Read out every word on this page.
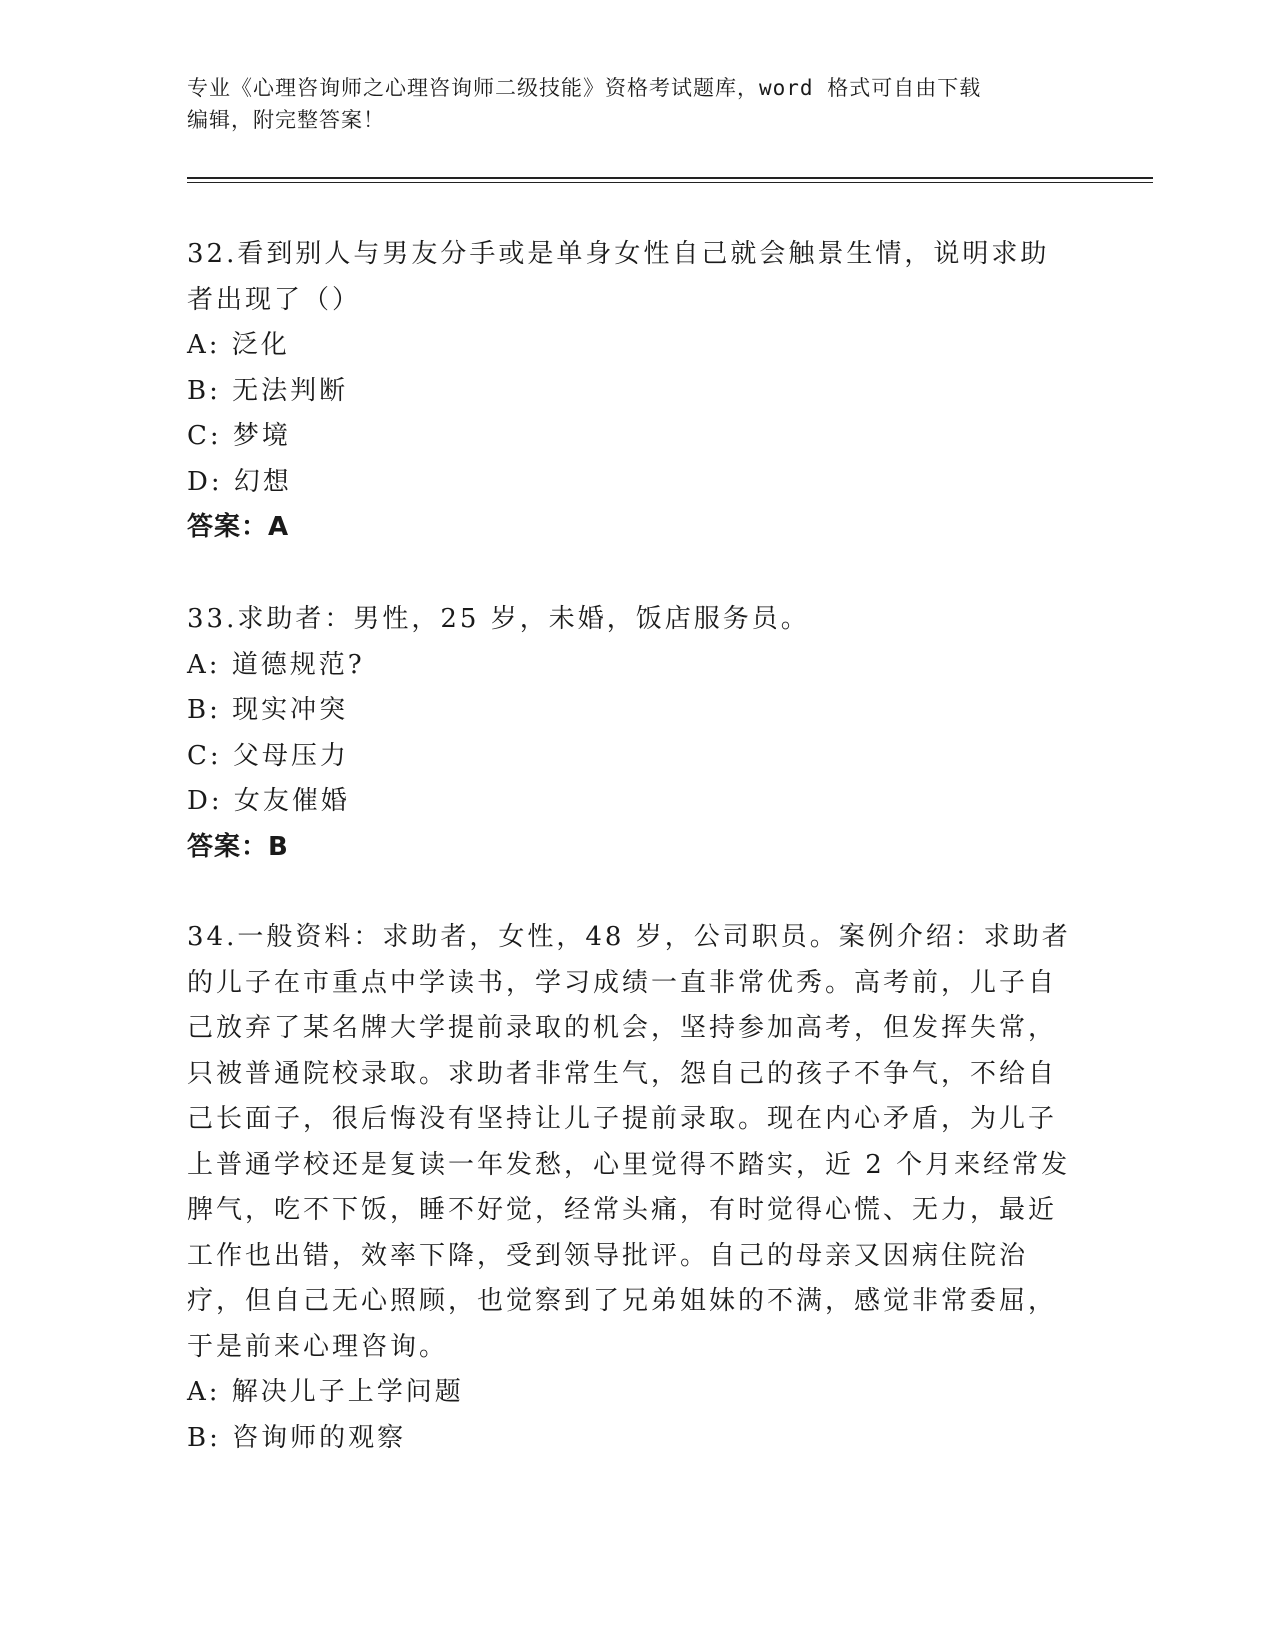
专业《心理咨询师之心理咨询师二级技能》资格考试题库，word 格式可自由下载
编辑，附完整答案！

32.看到别人与男友分手或是单身女性自己就会触景生情，说明求助者出现了（）

A: 泛化

B: 无法判断

C: 梦境

D: 幻想

答案：A

33.求助者：男性，25 岁，未婚，饭店服务员。

A: 道德规范?

B: 现实冲突

C: 父母压力

D: 女友催婚

答案：B

34.一般资料：求助者，女性，48 岁，公司职员。案例介绍：求助者的儿子在市重点中学读书，学习成绩一直非常优秀。高考前，儿子自己放弃了某名牌大学提前录取的机会，坚持参加高考，但发挥失常，只被普通院校录取。求助者非常生气，怨自己的孩子不争气，不给自己长面子，很后悔没有坚持让儿子提前录取。现在内心矛盾，为儿子上普通学校还是复读一年发愁，心里觉得不踏实，近 2 个月来经常发脾气，吃不下饭，睡不好觉，经常头痛，有时觉得心慌、无力，最近工作也出错，效率下降，受到领导批评。自己的母亲又因病住院治疗，但自己无心照顾，也觉察到了兄弟姐妹的不满，感觉非常委屈，于是前来心理咨询。

A: 解决儿子上学问题

B: 咨询师的观察
